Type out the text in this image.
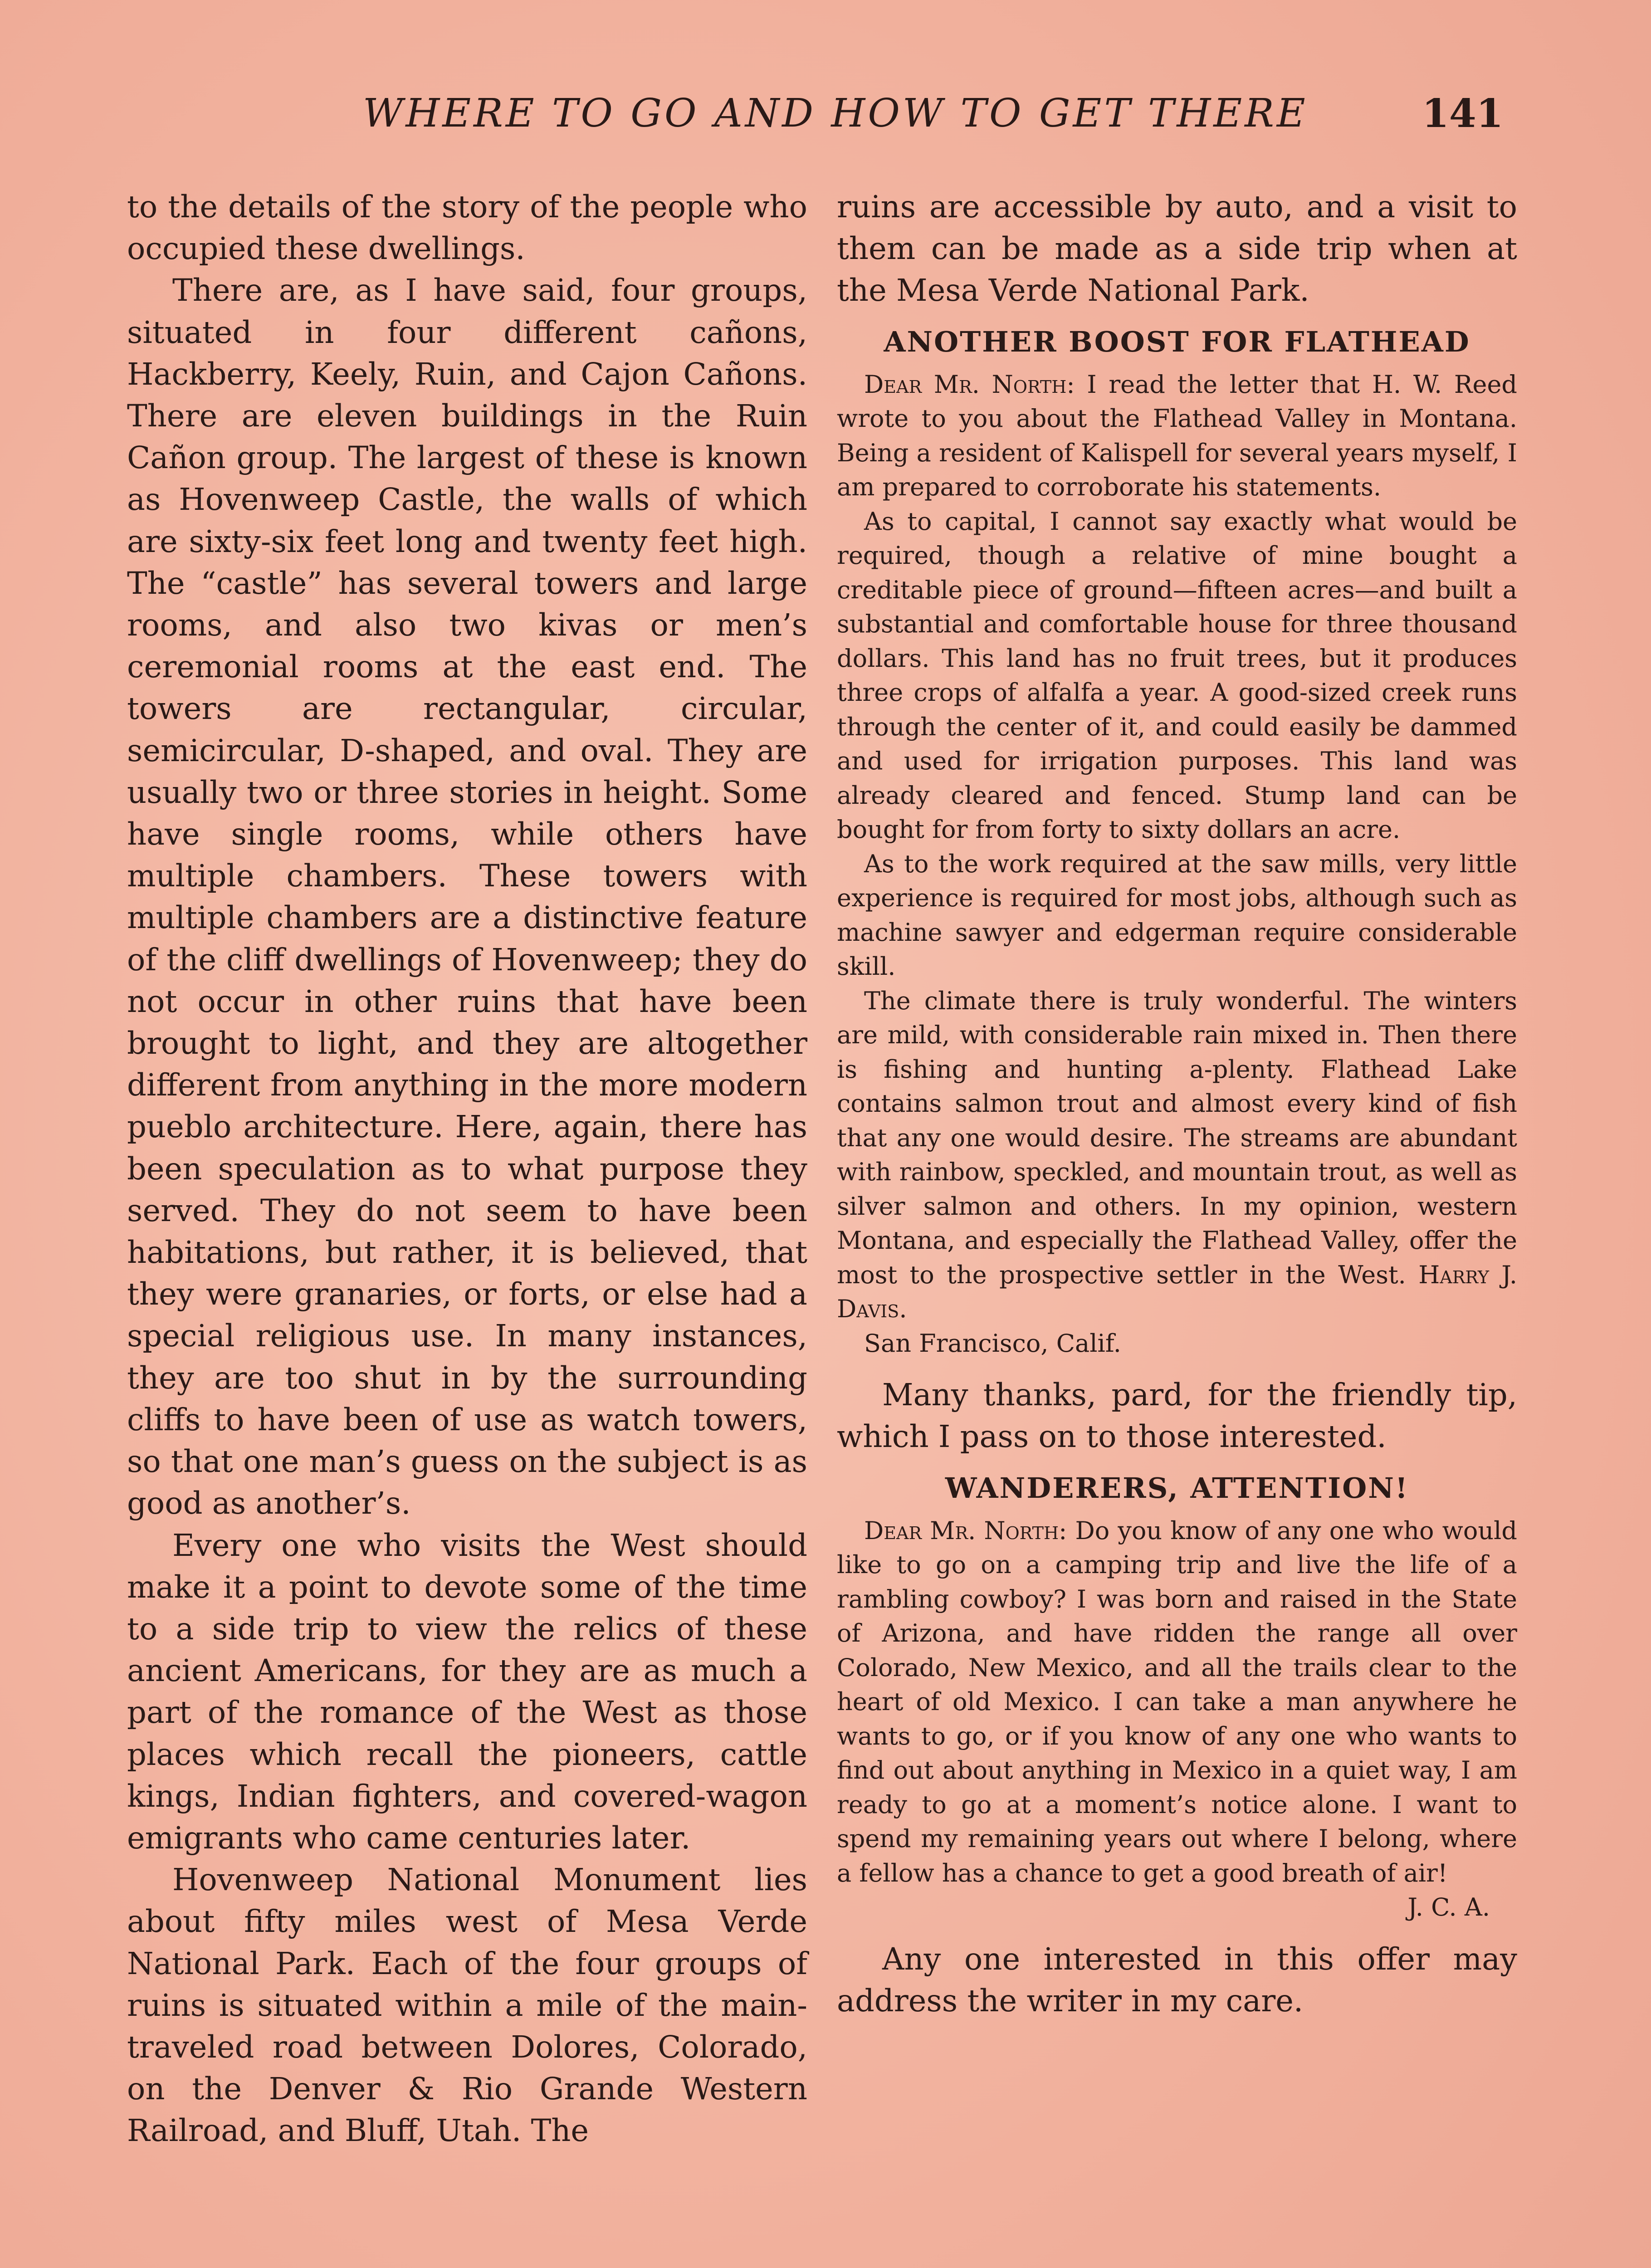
WHERE TO GO AND HOW TO GET THERE	141

to the details of the story of the people who occupied these dwellings.

There are, as I have said, four groups, situated in four different cañons, Hackberry, Keely, Ruin, and Cajon Cañons. There are eleven buildings in the Ruin Cañon group. The largest of these is known as Hovenweep Castle, the walls of which are sixty-six feet long and twenty feet high. The “castle” has several towers and large rooms, and also two kivas or men’s ceremonial rooms at the east end. The towers are rectangular, circular, semicircular, D-shaped, and oval. They are usually two or three stories in height. Some have single rooms, while others have multiple chambers. These towers with multiple chambers are a distinctive feature of the cliff dwellings of Hovenweep; they do not occur in other ruins that have been brought to light, and they are altogether different from anything in the more modern pueblo architecture. Here, again, there has been speculation as to what purpose they served. They do not seem to have been habitations, but rather, it is believed, that they were granaries, or forts, or else had a special religious use. In many instances, they are too shut in by the surrounding cliffs to have been of use as watch towers, so that one man’s guess on the subject is as good as another’s.

Every one who visits the West should make it a point to devote some of the time to a side trip to view the relics of these ancient Americans, for they are as much a part of the romance of the West as those places which recall the pioneers, cattle kings, Indian fighters, and covered-wagon emigrants who came centuries later.

Hovenweep National Monument lies about fifty miles west of Mesa Verde National Park. Each of the four groups of ruins is situated within a mile of the main-traveled road between Dolores, Colorado, on the Denver & Rio Grande Western Railroad, and Bluff, Utah. The

ruins are accessible by auto, and a visit to them can be made as a side trip when at the Mesa Verde National Park.

ANOTHER BOOST FOR FLATHEAD

Dear Mr. North: I read the letter that H. W. Reed wrote to you about the Flathead Valley in Montana. Being a resident of Kalispell for several years myself, I am prepared to corroborate his statements.

As to capital, I cannot say exactly what would be required, though a relative of mine bought a creditable piece of ground—fifteen acres—and built a substantial and comfortable house for three thousand dollars. This land has no fruit trees, but it produces three crops of alfalfa a year. A good-sized creek runs through the center of it, and could easily be dammed and used for irrigation purposes. This land was already cleared and fenced. Stump land can be bought for from forty to sixty dollars an acre.

As to the work required at the saw mills, very little experience is required for most jobs, although such as machine sawyer and edgerman require considerable skill.

The climate there is truly wonderful. The winters are mild, with considerable rain mixed in. Then there is fishing and hunting a-plenty. Flathead Lake contains salmon trout and almost every kind of fish that any one would desire. The streams are abundant with rainbow, speckled, and mountain trout, as well as silver salmon and others. In my opinion, western Montana, and especially the Flathead Valley, offer the most to the prospective settler in the West. Harry J. Davis.

San Francisco, Calif.

Many thanks, pard, for the friendly tip, which I pass on to those interested.

WANDERERS, ATTENTION!

Dear Mr. North: Do you know of any one who would like to go on a camping trip and live the life of a rambling cowboy? I was born and raised in the State of Arizona, and have ridden the range all over Colorado, New Mexico, and all the trails clear to the heart of old Mexico. I can take a man anywhere he wants to go, or if you know of any one who wants to find out about anything in Mexico in a quiet way, I am ready to go at a moment’s notice alone. I want to spend my remaining years out where I belong, where a fellow has a chance to get a good breath of air!

J. C. A.

Any one interested in this offer may address the writer in my care.
